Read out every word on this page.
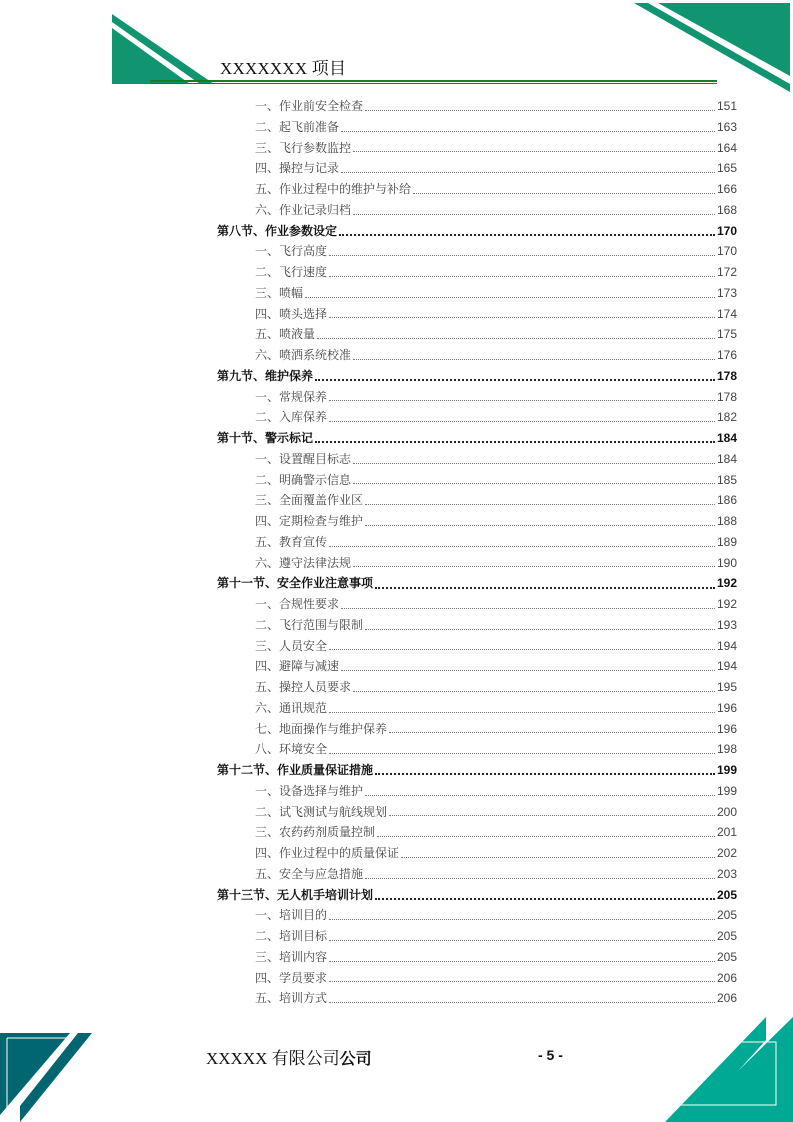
XXXXXXX 项目
一、作业前安全检查	151
二、起飞前准备	163
三、飞行参数监控	164
四、操控与记录	165
五、作业过程中的维护与补给	166
六、作业记录归档	168
第八节、作业参数设定	170
一、飞行高度	170
二、飞行速度	172
三、喷幅	173
四、喷头选择	174
五、喷液量	175
六、喷洒系统校准	176
第九节、维护保养	178
一、常规保养	178
二、入库保养	182
第十节、警示标记	184
一、设置醒目标志	184
二、明确警示信息	185
三、全面覆盖作业区	186
四、定期检查与维护	188
五、教育宣传	189
六、遵守法律法规	190
第十一节、安全作业注意事项	192
一、合规性要求	192
二、飞行范围与限制	193
三、人员安全	194
四、避障与减速	194
五、操控人员要求	195
六、通讯规范	196
七、地面操作与维护保养	196
八、环境安全	198
第十二节、作业质量保证措施	199
一、设备选择与维护	199
二、试飞测试与航线规划	200
三、农药药剂质量控制	201
四、作业过程中的质量保证	202
五、安全与应急措施	203
第十三节、无人机手培训计划	205
一、培训目的	205
二、培训目标	205
三、培训内容	205
四、学员要求	206
五、培训方式	206
XXXXX 有限公司公司	- 5 -
